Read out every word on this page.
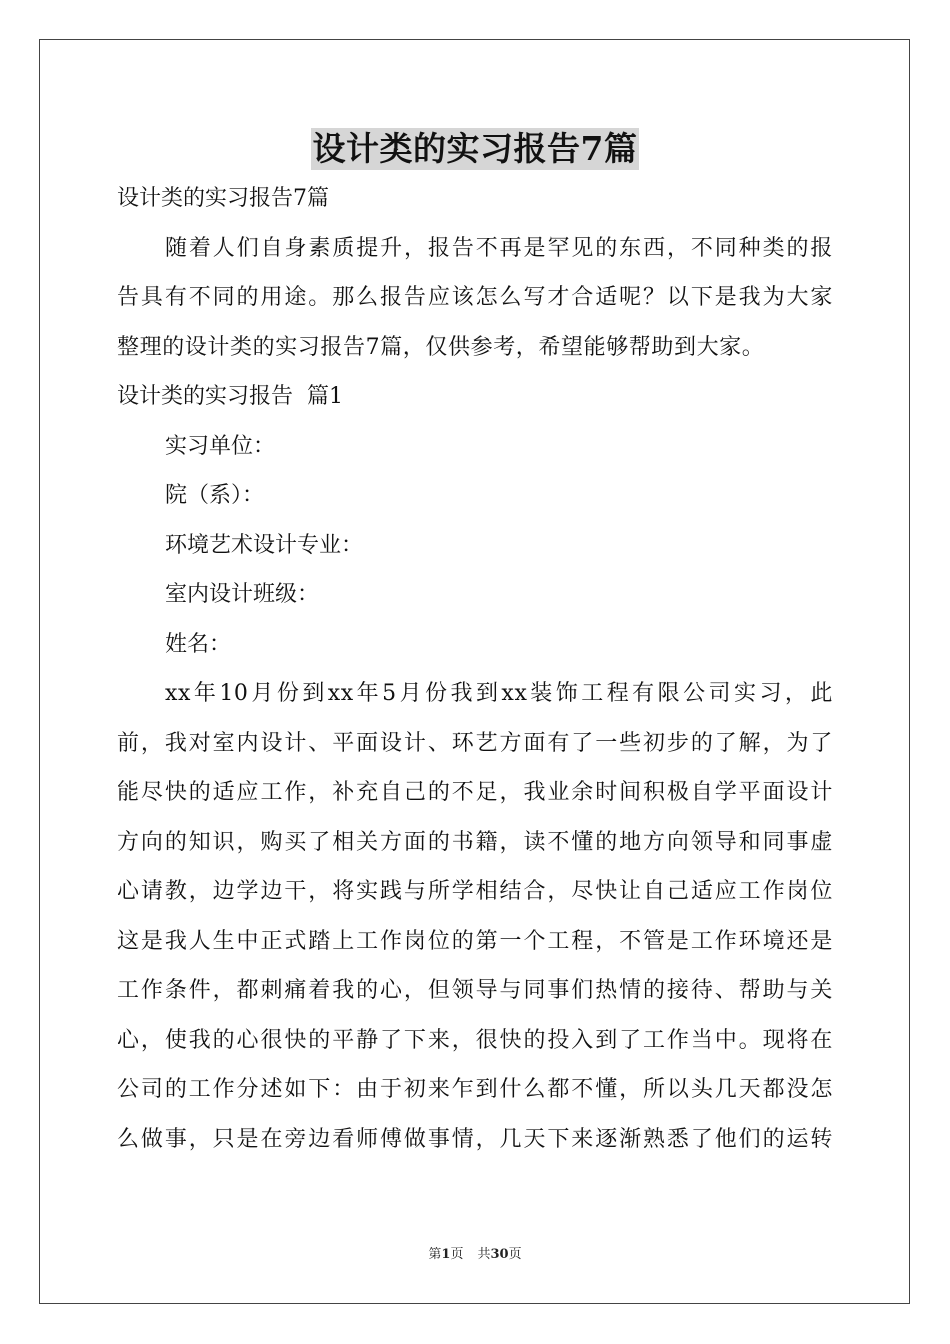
设计类的实习报告7篇

设计类的实习报告7篇

随着人们自身素质提升，报告不再是罕见的东西，不同种类的报

告具有不同的用途。那么报告应该怎么写才合适呢？以下是我为大家

整理的设计类的实习报告7篇，仅供参考，希望能够帮助到大家。

设计类的实习报告  篇1

实习单位：

院（系）：

环境艺术设计专业：

室内设计班级：

姓名：

xx年10月份到xx年5月份我到xx装饰工程有限公司实习，此

前，我对室内设计、平面设计、环艺方面有了一些初步的了解，为了

能尽快的适应工作，补充自己的不足，我业余时间积极自学平面设计

方向的知识，购买了相关方面的书籍，读不懂的地方向领导和同事虚

心请教，边学边干，将实践与所学相结合，尽快让自己适应工作岗位

这是我人生中正式踏上工作岗位的第一个工程，不管是工作环境还是

工作条件，都刺痛着我的心，但领导与同事们热情的接待、帮助与关

心，使我的心很快的平静了下来，很快的投入到了工作当中。现将在

公司的工作分述如下：由于初来乍到什么都不懂，所以头几天都没怎

么做事，只是在旁边看师傅做事情，几天下来逐渐熟悉了他们的运转

第1页 共30页
